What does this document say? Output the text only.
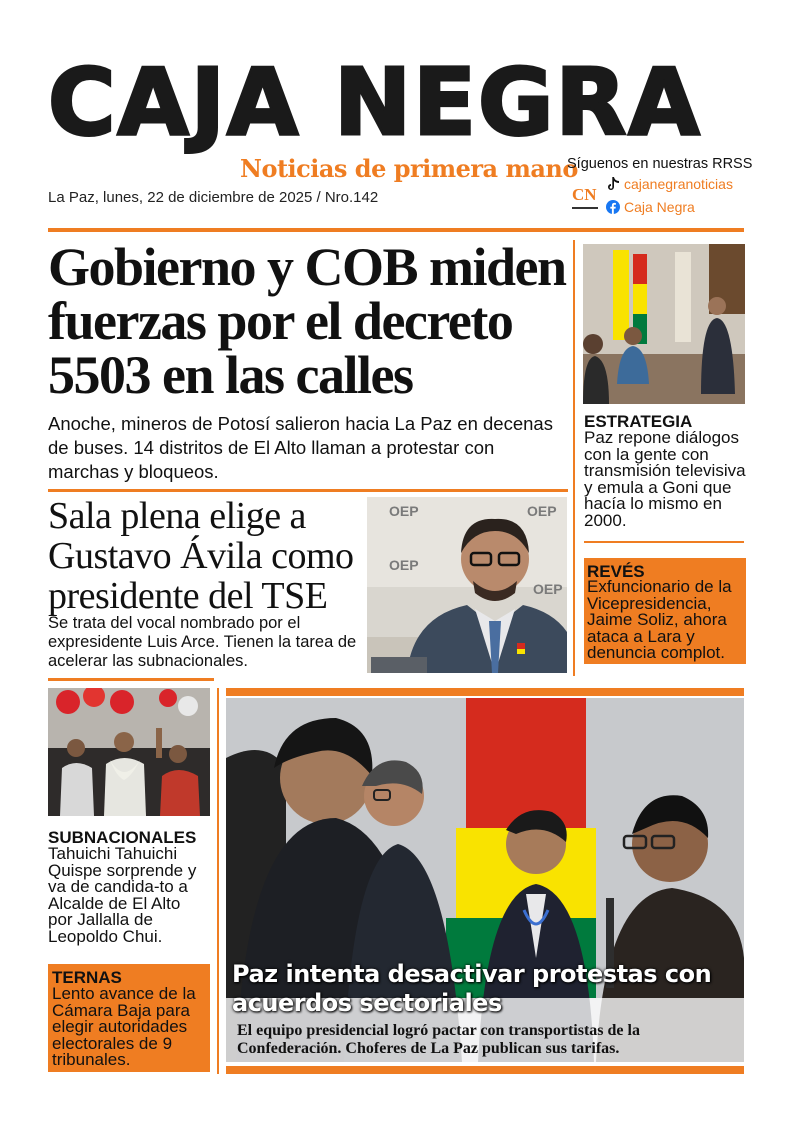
CAJA NEGRA
Noticias de primera mano
La Paz, lunes, 22 de diciembre de 2025 / Nro.142
Síguenos en nuestras RRSS
CN
cajanegranoticias
Caja Negra
Gobierno y COB miden fuerzas por el decreto 5503 en las calles
Anoche, mineros de Potosí salieron hacia La Paz en decenas de buses. 14 distritos de El Alto llaman a protestar con marchas y bloqueos.
Sala plena elige a Gustavo Ávila como presidente del TSE
Se trata del vocal nombrado por el expresidente Luis Arce. Tienen la tarea de acelerar las subnacionales.
OEP	OEP
OEP
OEP
ESTRATEGIA
Paz repone diálogos con la gente con transmisión televisiva y emula a Goni que hacía lo mismo en 2000.
REVÉS
Exfuncionario de la Vicepresidencia, Jaime Soliz, ahora ataca a Lara y denuncia complot.
SUBNACIONALES
Tahuichi Tahuichi Quispe sorprende y va de candida-to a Alcalde de El Alto por Jallalla de Leopoldo Chui.
TERNAS
Lento avance de la Cámara Baja para elegir autoridades electorales de 9 tribunales.
Paz intenta desactivar protestas con acuerdos sectoriales
El equipo presidencial logró pactar con transportistas de la Confederación. Choferes de La Paz publican sus tarifas.
